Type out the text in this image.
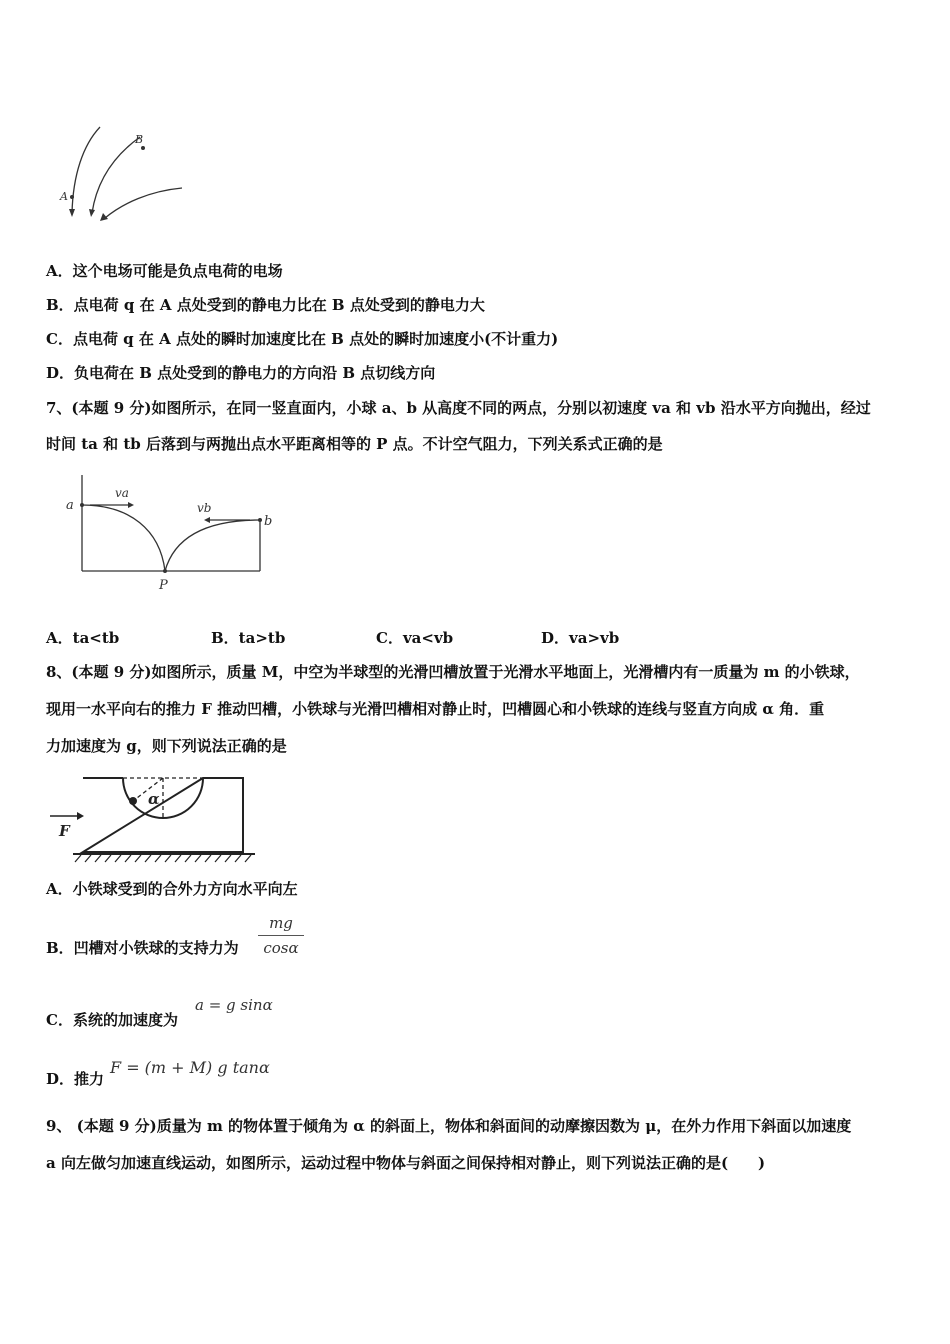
A
B
A．这个电场可能是负点电荷的电场
B．点电荷 q 在 A 点处受到的静电力比在 B 点处受到的静电力大
C．点电荷 q 在 A 点处的瞬时加速度比在 B 点处的瞬时加速度小(不计重力)
D．负电荷在 B 点处受到的静电力的方向沿 B 点切线方向
7、(本题 9 分)如图所示，在同一竖直面内，小球 a、b 从高度不同的两点，分别以初速度 va 和 vb 沿水平方向抛出，经过
时间 ta 和 tb 后落到与两抛出点水平距离相等的 P 点。不计空气阻力，下列关系式正确的是
a
b
va
vb
P
A．ta<tb	B．ta>tb	C．va<vb	D．va>vb
8、(本题 9 分)如图所示，质量 M，中空为半球型的光滑凹槽放置于光滑水平地面上，光滑槽内有一质量为 m 的小铁球，
现用一水平向右的推力 F 推动凹槽，小铁球与光滑凹槽相对静止时，凹槽圆心和小铁球的连线与竖直方向成 α 角．重
力加速度为 g，则下列说法正确的是
F
α
A．小铁球受到的合外力方向水平向左
B．凹槽对小铁球的支持力为
mg
cosα
C．系统的加速度为
a = g sinα
D．推力
F = (m + M) g tanα
9、 (本题 9 分)质量为 m 的物体置于倾角为 α 的斜面上，物体和斜面间的动摩擦因数为 μ，在外力作用下斜面以加速度
a 向左做匀加速直线运动，如图所示，运动过程中物体与斜面之间保持相对静止，则下列说法正确的是(　　)
